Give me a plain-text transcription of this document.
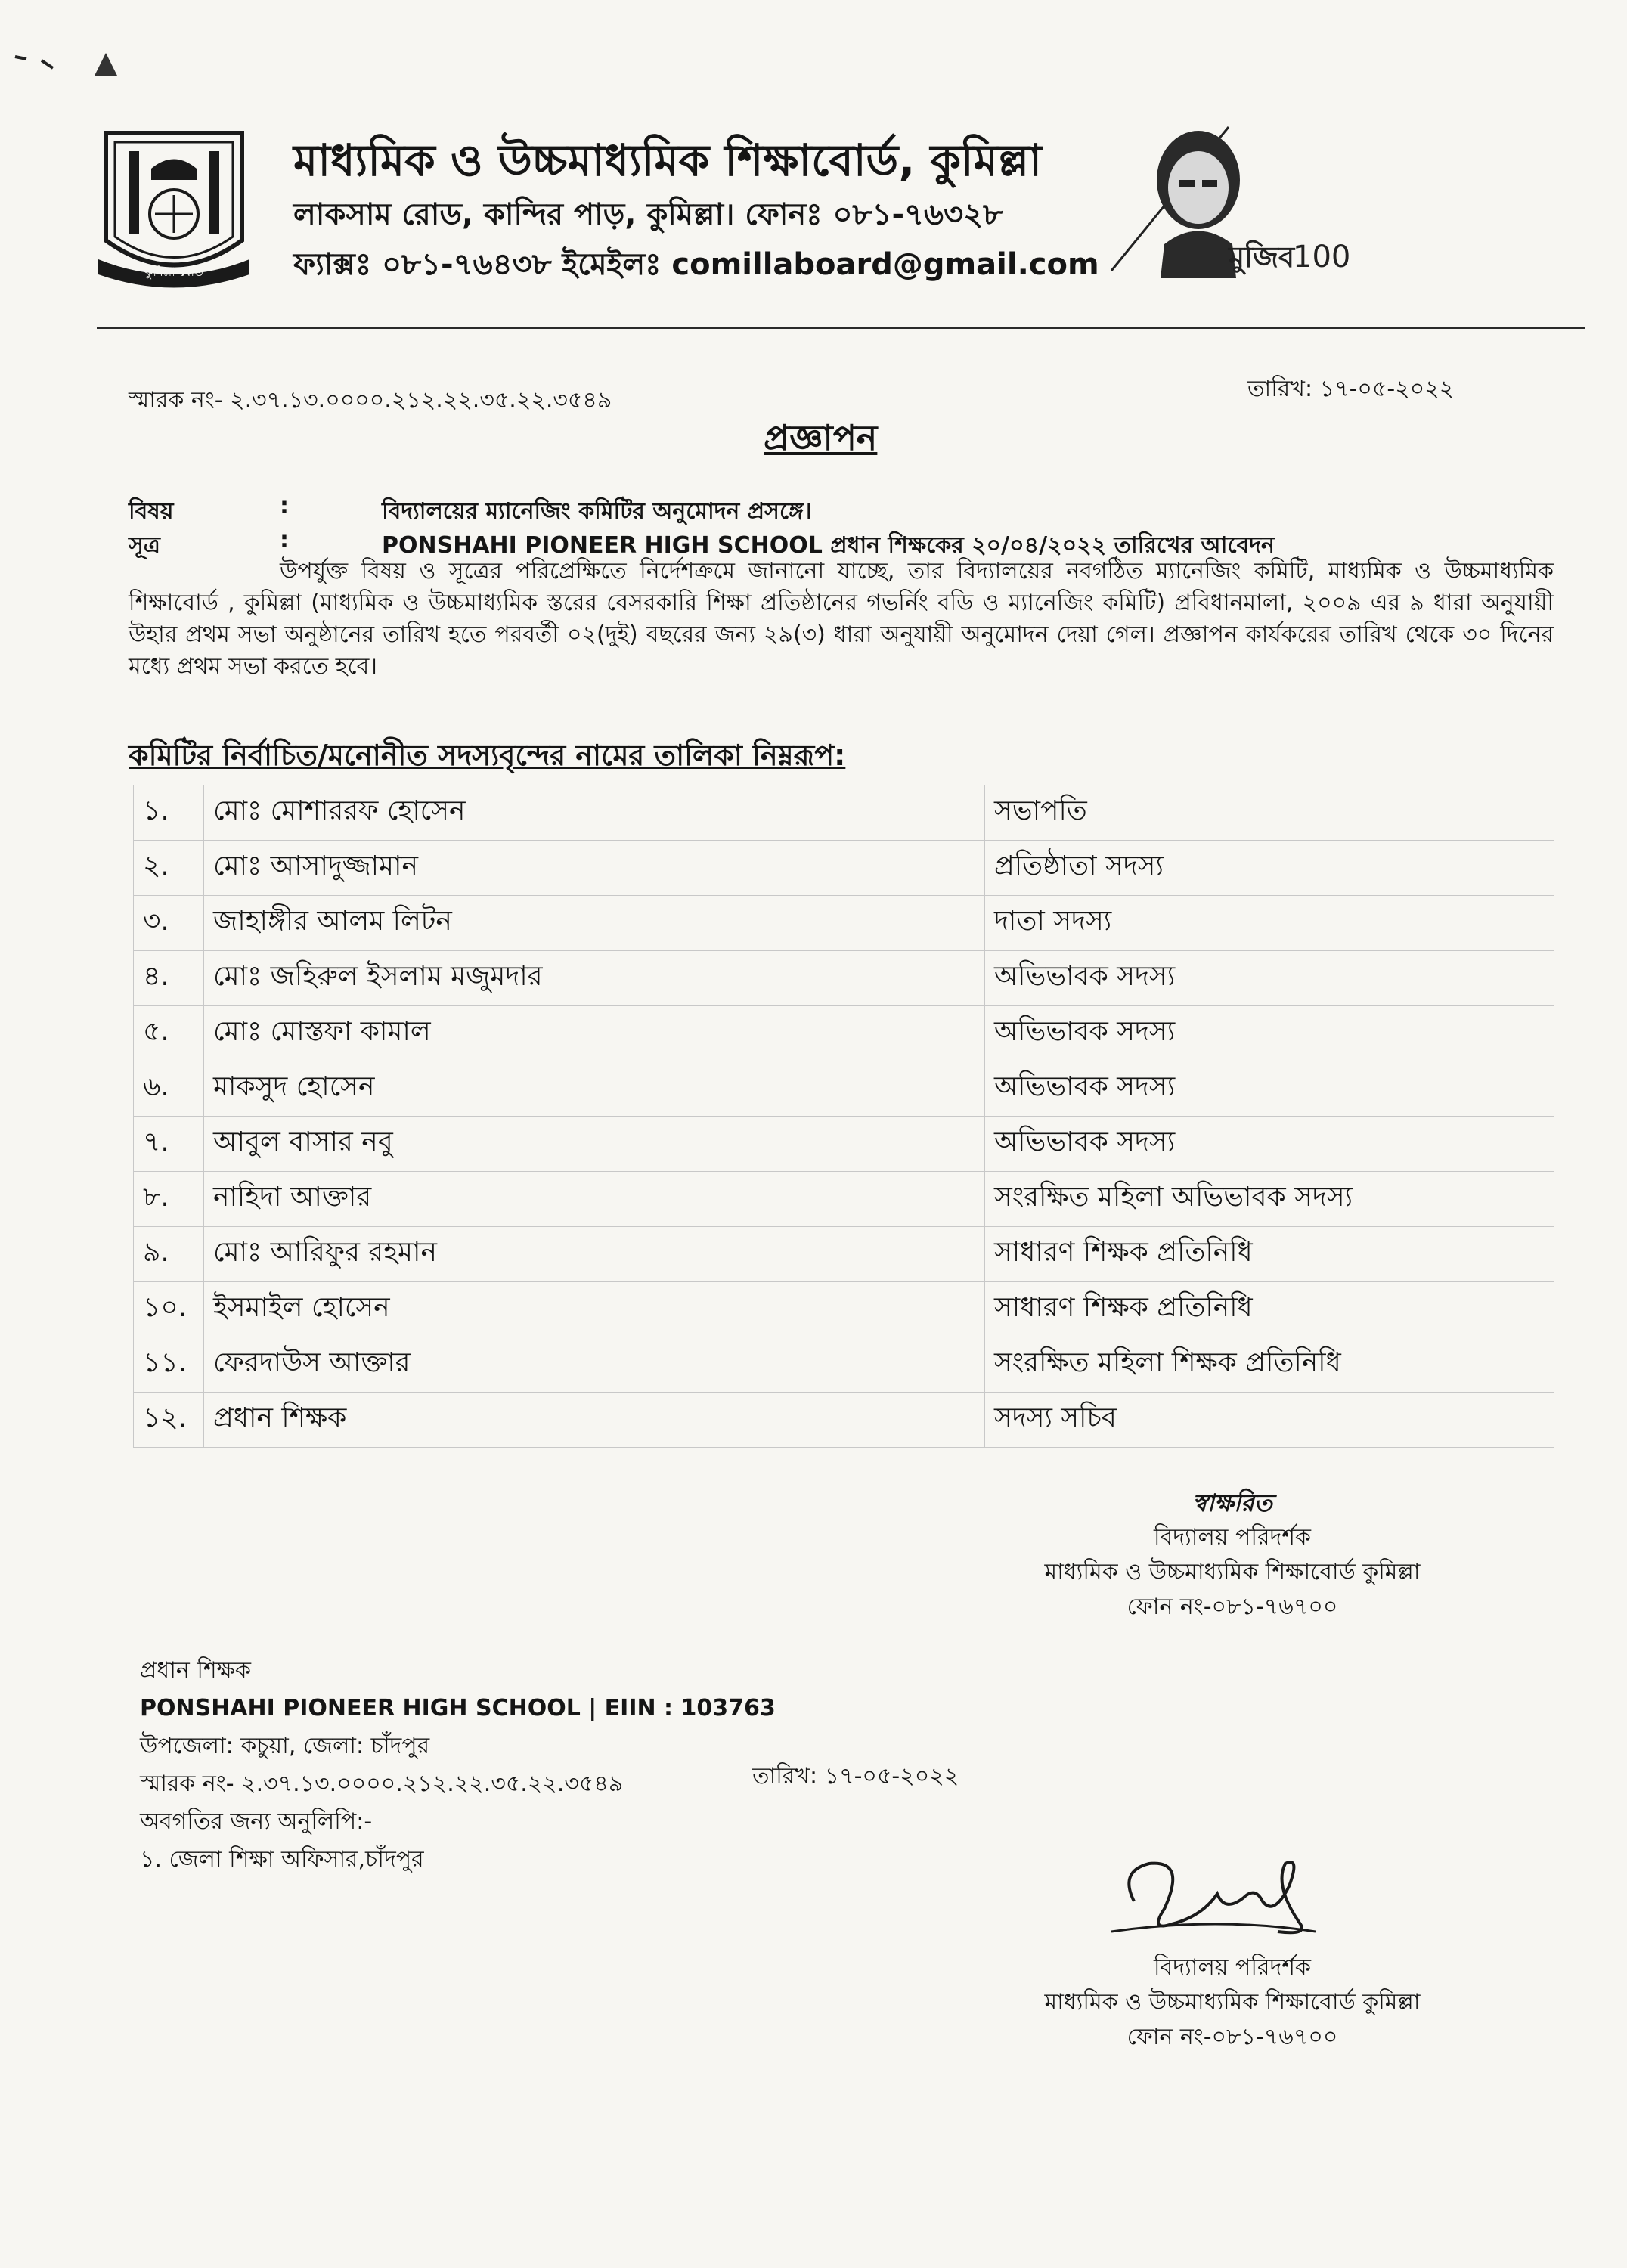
কুমিল্লা বোর্ড
মাধ্যমিক ও উচ্চমাধ্যমিক শিক্ষাবোর্ড, কুমিল্লা
লাকসাম রোড, কান্দির পাড়, কুমিল্লা। ফোনঃ ০৮১-৭৬৩২৮
ফ্যাক্সঃ ০৮১-৭৬৪৩৮ ইমেইলঃ comillaboard@gmail.com	মুজিব
100
স্মারক নং- ২.৩৭.১৩.০০০০.২১২.২২.৩৫.২২.৩৫৪৯	তারিখ: ১৭-০৫-২০২২
প্রজ্ঞাপন
বিষয়	:	বিদ্যালয়ের ম্যানেজিং কমিটির অনুমোদন প্রসঙ্গে।
সূত্র	:	PONSHAHI PIONEER HIGH SCHOOL প্রধান শিক্ষকের ২০/০৪/২০২২ তারিখের আবেদন

উপর্যুক্ত বিষয় ও সূত্রের পরিপ্রেক্ষিতে নির্দেশক্রমে জানানো যাচ্ছে, তার বিদ্যালয়ের নবগঠিত ম্যানেজিং কমিটি, মাধ্যমিক ও উচ্চমাধ্যমিক শিক্ষাবোর্ড , কুমিল্লা (মাধ্যমিক ও উচ্চমাধ্যমিক স্তরের বেসরকারি শিক্ষা প্রতিষ্ঠানের গভর্নিং বডি ও ম্যানেজিং কমিটি) প্রবিধানমালা, ২০০৯ এর ৯ ধারা অনুযায়ী উহার প্রথম সভা অনুষ্ঠানের তারিখ হতে পরবর্তী ০২(দুই) বছরের জন্য ২৯(৩) ধারা অনুযায়ী অনুমোদন দেয়া গেল। প্রজ্ঞাপন কার্যকরের তারিখ থেকে ৩০ দিনের মধ্যে প্রথম সভা করতে হবে।

কমিটির নির্বাচিত/মনোনীত সদস্যবৃন্দের নামের তালিকা নিম্নরূপ:
১.	মোঃ মোশাররফ হোসেন	সভাপতি
২.	মোঃ আসাদুজ্জামান	প্রতিষ্ঠাতা সদস্য
৩.	জাহাঙ্গীর আলম লিটন	দাতা সদস্য
৪.	মোঃ জহিরুল ইসলাম মজুমদার	অভিভাবক সদস্য
৫.	মোঃ মোস্তফা কামাল	অভিভাবক সদস্য
৬.	মাকসুদ হোসেন	অভিভাবক সদস্য
৭.	আবুল বাসার নবু	অভিভাবক সদস্য
৮.	নাহিদা আক্তার	সংরক্ষিত মহিলা অভিভাবক সদস্য
৯.	মোঃ আরিফুর রহমান	সাধারণ শিক্ষক প্রতিনিধি
১০.	ইসমাইল হোসেন	সাধারণ শিক্ষক প্রতিনিধি
১১.	ফেরদাউস আক্তার	সংরক্ষিত মহিলা শিক্ষক প্রতিনিধি
১২.	প্রধান শিক্ষক	সদস্য সচিব
স্বাক্ষরিত
বিদ্যালয় পরিদর্শক
মাধ্যমিক ও উচ্চমাধ্যমিক শিক্ষাবোর্ড কুমিল্লা
ফোন নং-০৮১-৭৬৭০০
প্রধান শিক্ষক
PONSHAHI PIONEER HIGH SCHOOL | EIIN : 103763
উপজেলা: কচুয়া, জেলা: চাঁদপুর
স্মারক নং- ২.৩৭.১৩.০০০০.২১২.২২.৩৫.২২.৩৫৪৯
অবগতির জন্য অনুলিপি:-
১. জেলা শিক্ষা অফিসার,চাঁদপুর
তারিখ: ১৭-০৫-২০২২
বিদ্যালয় পরিদর্শক
মাধ্যমিক ও উচ্চমাধ্যমিক শিক্ষাবোর্ড কুমিল্লা
ফোন নং-০৮১-৭৬৭০০
